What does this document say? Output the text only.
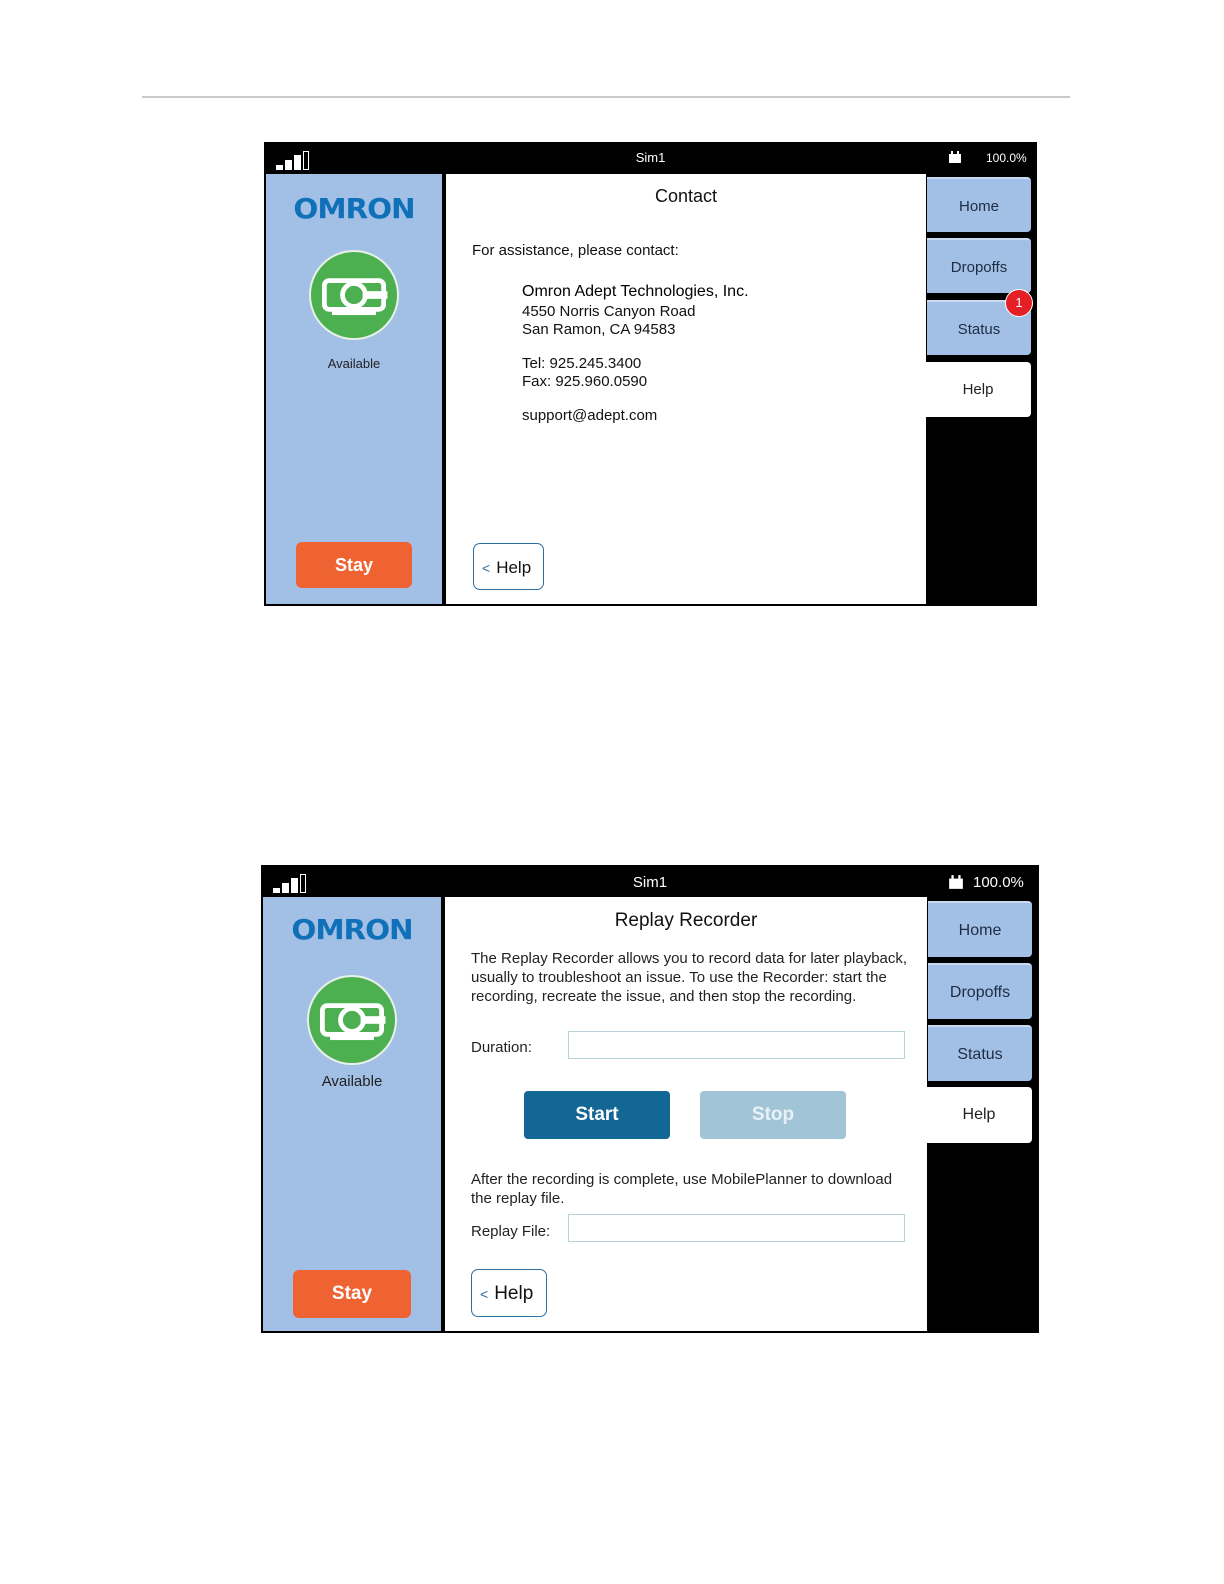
Sim1	100.0%
OMRON
Available
Stay
Contact
For assistance, please contact:
Omron Adept Technologies, Inc.
4550 Norris Canyon Road
San Ramon, CA 94583
Tel: 925.245.3400
Fax: 925.960.0590
support@adept.com
< Help
Home
Dropoffs
Status
1
Help
Sim1	100.0%
OMRON
Available
Stay
Replay Recorder
The Replay Recorder allows you to record data for later playback, usually to troubleshoot an issue. To use the Recorder: start the recording, recreate the issue, and then stop the recording.
Duration:
Start	Stop
After the recording is complete, use MobilePlanner to download the replay file.
Replay File:
< Help
Home
Dropoffs
Status
Help
